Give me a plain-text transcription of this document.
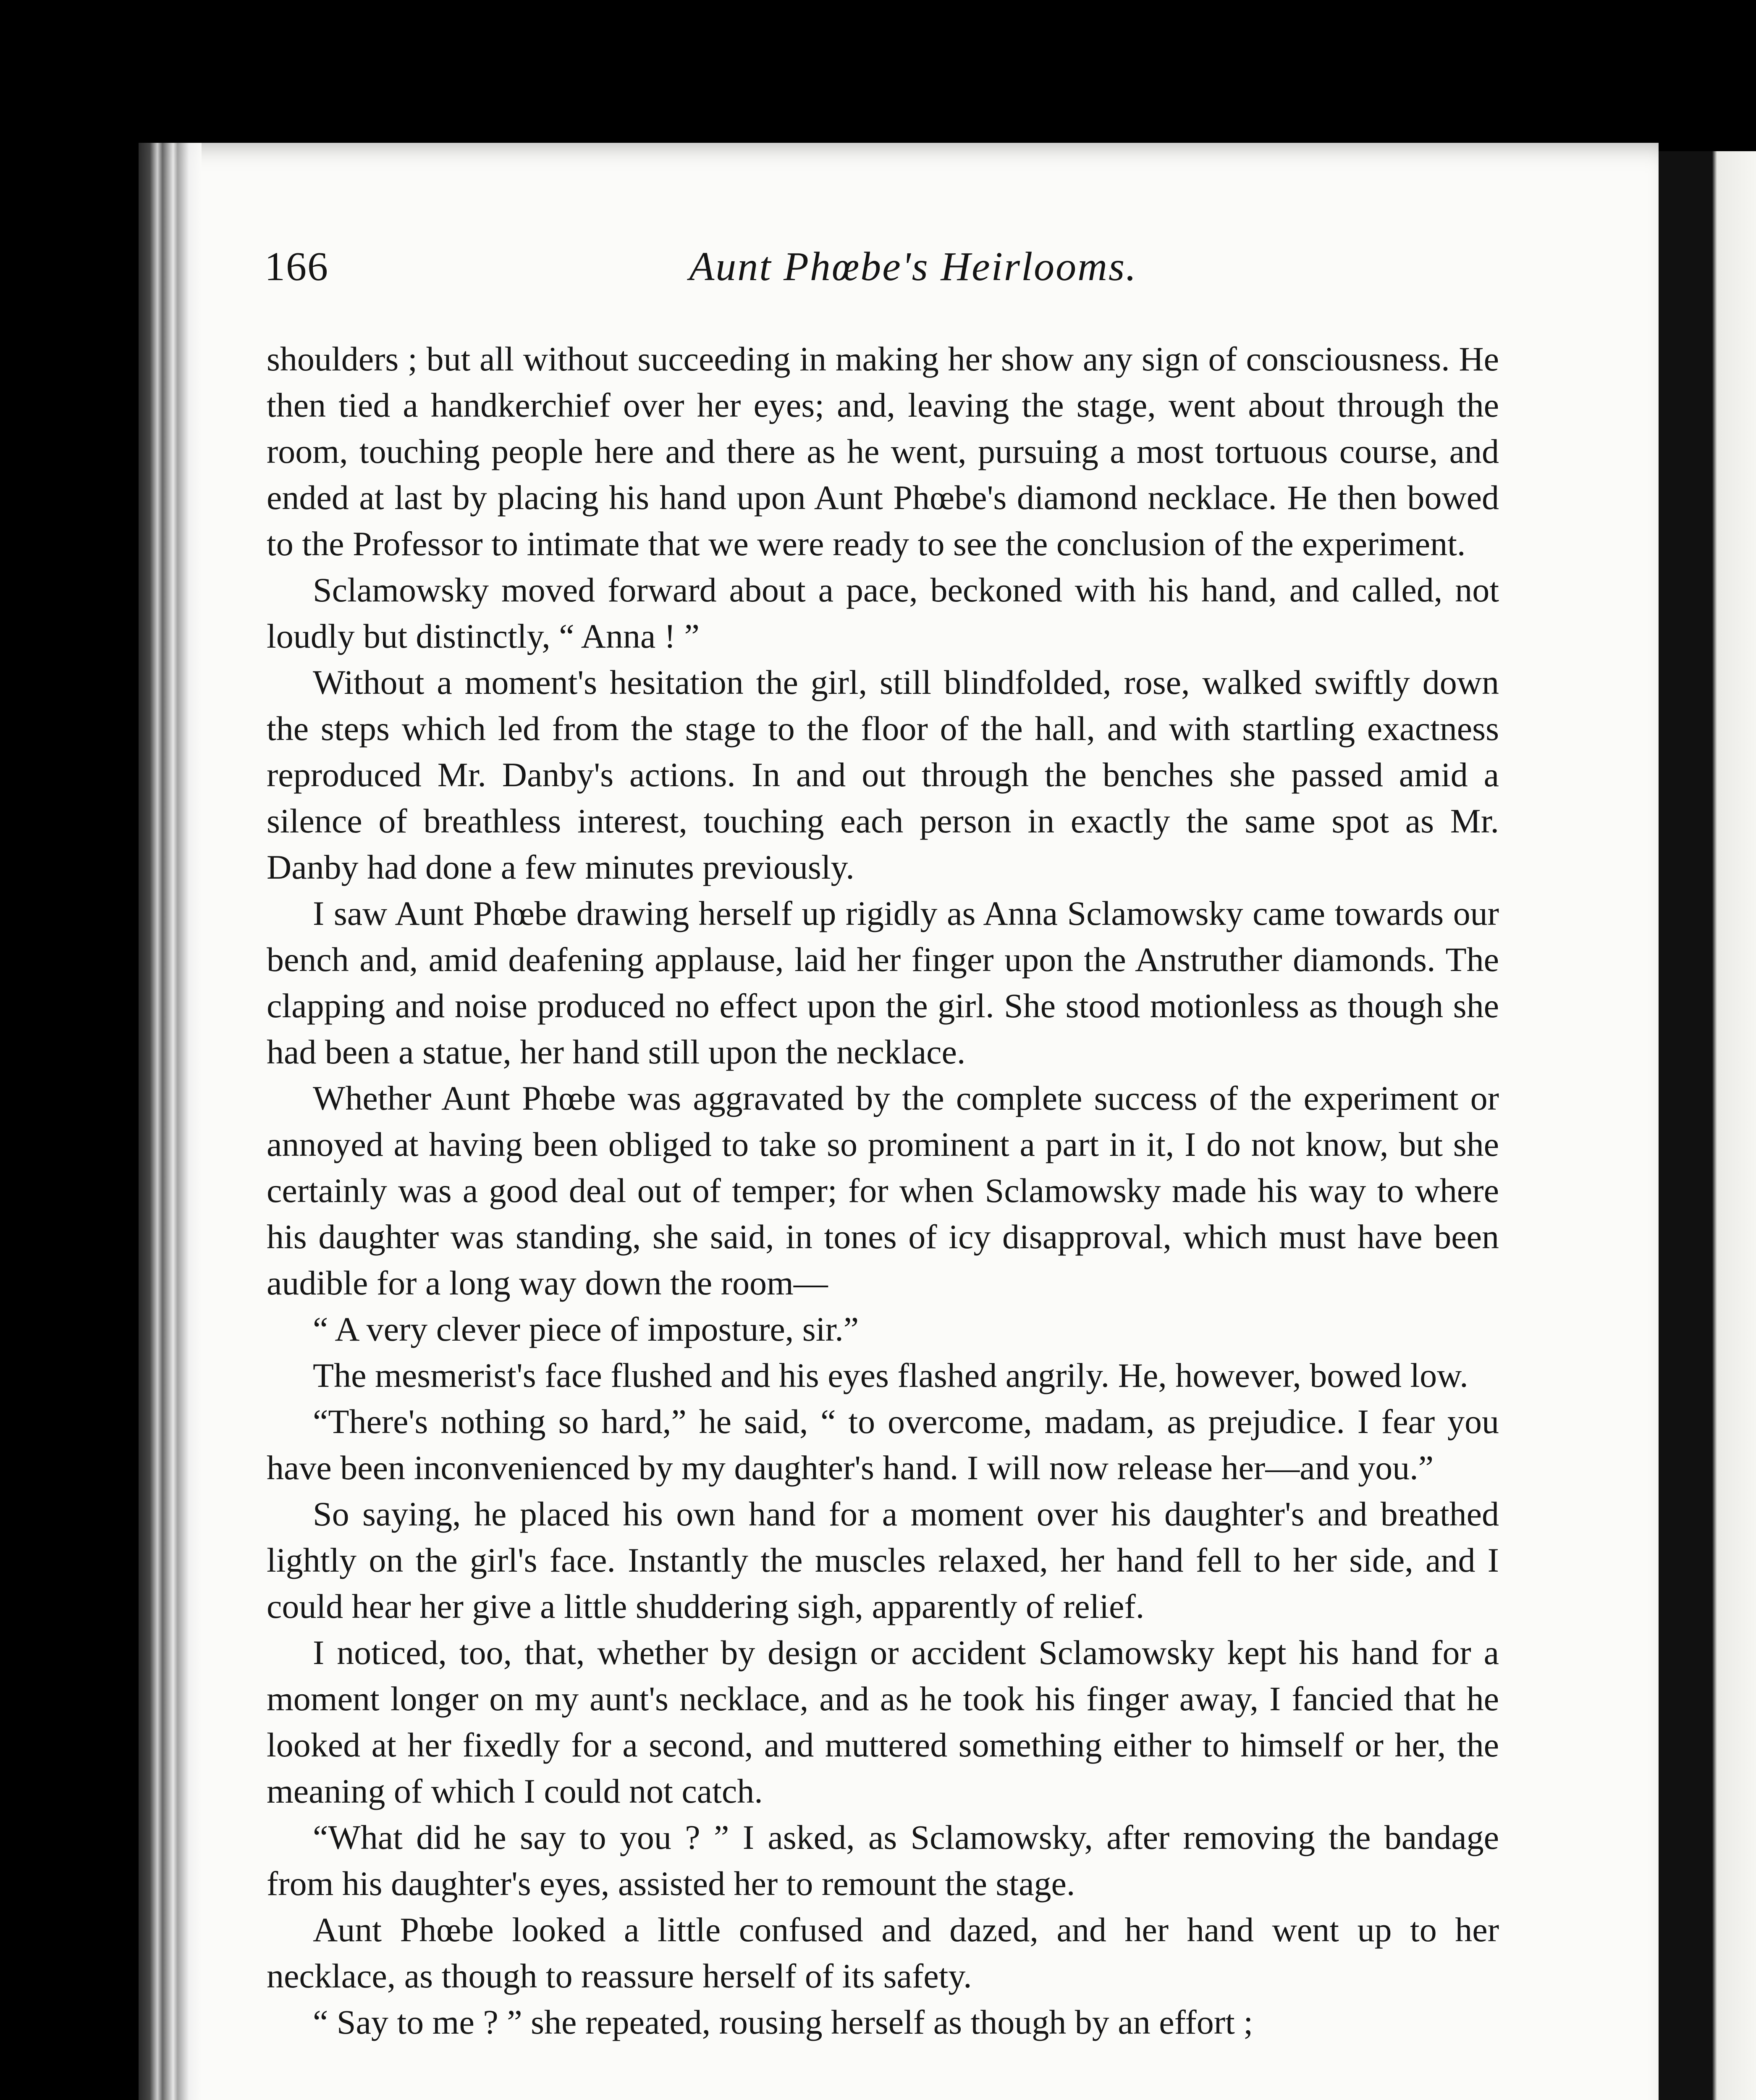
166	Aunt Phœbe's Heirlooms.

shoulders ; but all without succeeding in making her show any sign of consciousness. He then tied a handkerchief over her eyes; and, leaving the stage, went about through the room, touching people here and there as he went, pursuing a most tortuous course, and ended at last by placing his hand upon Aunt Phœbe's diamond necklace. He then bowed to the Professor to intimate that we were ready to see the conclusion of the experiment.

Sclamowsky moved forward about a pace, beckoned with his hand, and called, not loudly but distinctly, “ Anna ! ”

Without a moment's hesitation the girl, still blindfolded, rose, walked swiftly down the steps which led from the stage to the floor of the hall, and with startling exactness reproduced Mr. Danby's actions. In and out through the benches she passed amid a silence of breathless interest, touching each person in exactly the same spot as Mr. Danby had done a few minutes previously.

I saw Aunt Phœbe drawing herself up rigidly as Anna Sclamowsky came towards our bench and, amid deafening applause, laid her finger upon the Anstruther diamonds. The clapping and noise produced no effect upon the girl. She stood motionless as though she had been a statue, her hand still upon the necklace.

Whether Aunt Phœbe was aggravated by the complete success of the experiment or annoyed at having been obliged to take so prominent a part in it, I do not know, but she certainly was a good deal out of temper; for when Sclamowsky made his way to where his daughter was standing, she said, in tones of icy disapproval, which must have been audible for a long way down the room—

“ A very clever piece of imposture, sir.”

The mesmerist's face flushed and his eyes flashed angrily. He, however, bowed low.

“There's nothing so hard,” he said, “ to overcome, madam, as prejudice. I fear you have been inconvenienced by my daughter's hand. I will now release her—and you.”

So saying, he placed his own hand for a moment over his daughter's and breathed lightly on the girl's face. Instantly the muscles relaxed, her hand fell to her side, and I could hear her give a little shuddering sigh, apparently of relief.

I noticed, too, that, whether by design or accident Sclamowsky kept his hand for a moment longer on my aunt's necklace, and as he took his finger away, I fancied that he looked at her fixedly for a second, and muttered something either to himself or her, the meaning of which I could not catch.

“What did he say to you ? ” I asked, as Sclamowsky, after removing the bandage from his daughter's eyes, assisted her to remount the stage.

Aunt Phœbe looked a little confused and dazed, and her hand went up to her necklace, as though to reassure herself of its safety.

“ Say to me ? ” she repeated, rousing herself as though by an effort ;
